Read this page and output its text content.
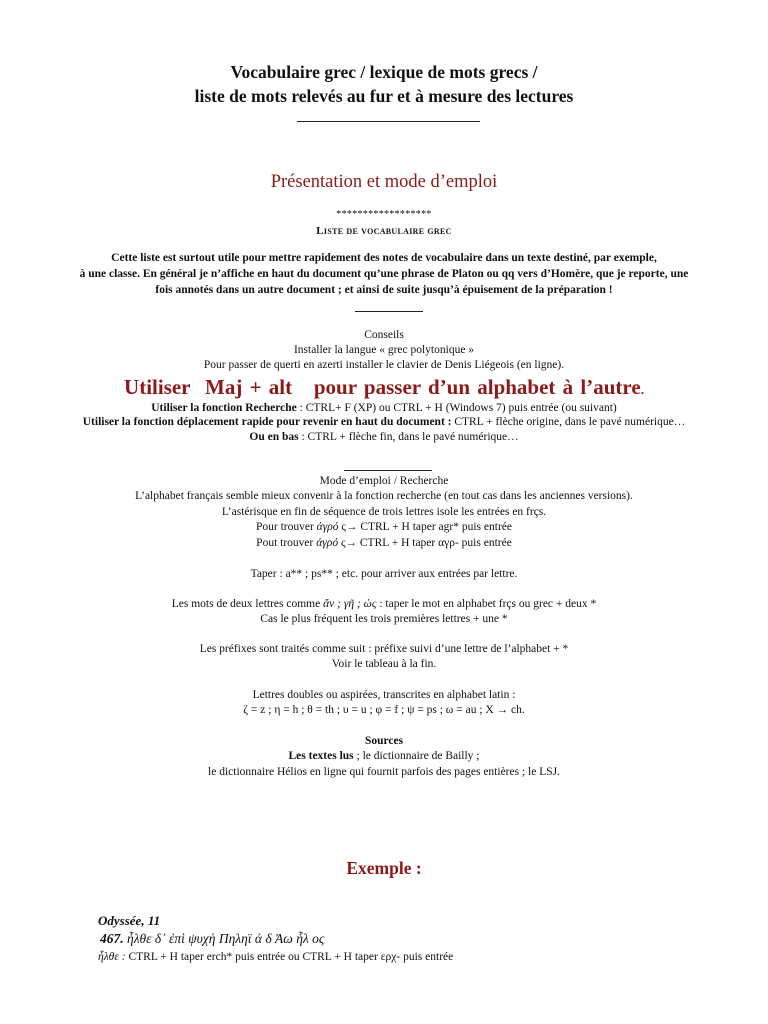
Vocabulaire grec / lexique de mots grecs /
liste de mots relevés au fur et à mesure des lectures
Présentation et mode d’emploi
******************
Liste de vocabulaire grec
Cette liste est surtout utile pour mettre rapidement des notes de vocabulaire dans un texte destiné, par exemple,
à une classe. En général je n’affiche en haut du document qu’une phrase de Platon ou qq vers d’Homère, que je reporte, une
fois annotés dans un autre document ; et ainsi de suite jusqu’à épuisement de la préparation !
Conseils
Installer la langue « grec polytonique »
Pour passer de querti en azerti installer le clavier de Denis Liégeois (en ligne).
Utiliser Maj + alt pour passer d’un alphabet à l’autre.
Utiliser la fonction Recherche : CTRL+ F (XP) ou CTRL + H (Windows 7) puis entrée (ou suivant)
Utiliser la fonction déplacement rapide pour revenir en haut du document : CTRL + flèche origine, dans le pavé numérique…
Ou en bas : CTRL + flèche fin, dans le pavé numérique…
Mode d’emploi / Recherche
L’alphabet français semble mieux convenir à la fonction recherche (en tout cas dans les anciennes versions).
L’astérisque en fin de séquence de trois lettres isole les entrées en frçs.
Pour trouver ἀγρό ς→ CTRL + H taper agr* puis entrée
Pout trouver ἀγρό ς→ CTRL + H taper αγρ- puis entrée
Taper : a** ; ps** ; etc. pour arriver aux entrées par lettre.
Les mots de deux lettres comme ἄν ; γῆ ; ὡς : taper le mot en alphabet frçs ou grec + deux *
Cas le plus fréquent les trois premières lettres + une *
Les préfixes sont traités comme suit : préfixe suivi d’une lettre de l’alphabet + *
Voir le tableau à la fin.
Lettres doubles ou aspirées, transcrites en alphabet latin :
ζ = z ; η = h ; θ = th ; υ = u ; φ = f ; ψ = ps ; ω = au ; Χ → ch.
Sources
Les textes lus ; le dictionnaire de Bailly ;
le dictionnaire Hélios en ligne qui fournit parfois des pages entières ; le LSJ.
Exemple :
Odyssée, 11
467. ἦλθε δ᾽ ἐπὶ ψυχὴ Πηληϊ ά δ Ἀω ἦλ ος
ἦλθε : CTRL + H taper erch* puis entrée ou CTRL + H taper ερχ- puis entrée
